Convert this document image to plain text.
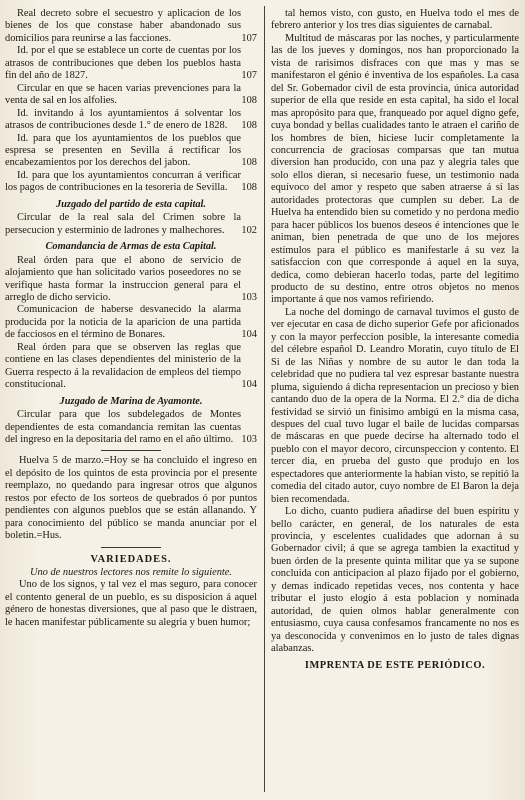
Real decreto sobre el secuestro y aplicacion de los bienes de los que constase haber abandonado sus domicilios para reunirse a las facciones.	107
Id. por el que se establece un corte de cuentas por los atrasos de contribuciones que deben los pueblos hasta fin del año de 1827.	107
Circular en que se hacen varias prevenciones para la venta de sal en los alfolies.	108
Id. invitando á los ayuntamientos á solventar los atrasos de contribuciones desde 1.° de enero de 1828. 108
Id. para que los ayuntamientos de los pueblos que espresa se presenten en Sevilla á rectificar los encabezamientos por los derechos del jabon.	108
Id. para que los ayuntamientos concurran á verificar los pagos de contribuciones en la tesoreria de Sevilla. 108
Juzgado del partido de esta capital.
Circular de la real sala del Crimen sobre la persecucion y esterminio de ladrones y malhechores. 102
Comandancia de Armas de esta Capital.
Real órden para que el abono de servicio de alojamiento que han solicitado varios poseedores no se verifique hasta formar la instruccion general para el arreglo de dicho servicio.	103
Comunicacion de haberse desvanecido la alarma producida por la noticia de la aparicion de una partida de facciosos en el término de Bonares.	104
Real órden para que se observen las reglas que contiene en las clases dependientes del ministerio de la Guerra respecto á la revalidacion de empleos del tiempo constitucional.	104
Juzgado de Marina de Ayamonte.
Circular para que los subdelegados de Montes dependientes de esta comandancia remitan las cuentas del ingreso en la depositaria del ramo en el año último. 103
Huelva 5 de marzo.=Hoy se ha concluido el ingreso en el depósito de los quintos de esta provincia por el presente reemplazo, no quedando para ingresar otros que algunos restos por efecto de los sorteos de quebrados ó por puntos pendientes con algunos pueblos que se están allanando. Y para conocimiento del público se manda anunciar por el boletin.=Hus.
VARIEDADES.
Uno de nuestros lectores nos remite lo siguiente.
Uno de los signos, y tal vez el mas seguro, para conocer el contento general de un pueblo, es su disposicion á aquel género de honestas diversiones, que al paso que le distraen, le hacen manifestar públicamente su alegria y buen humor;
tal hemos visto, con gusto, en Huelva todo el mes de febrero anterior y los tres dias siguientes de carnabal.
Multitud de máscaras por las noches, y particularmente las de los jueves y domingos, nos han proporcionado la vista de rarisimos disfraces con que mas y mas se manifestaron el génio é inventiva de los españoles. La casa del Sr. Gobernador civil de esta provincia, única autoridad superior de ella que reside en esta capital, ha sido el local mas apropósito para que, franqueado por aquel digno gefe, cuya bondad y bellas cualidades tanto le atraen el cariño de los hombres de bien, hiciese lucir completamente la concurrencia de graciosas comparsas que tan mutua diversion han producido, con una paz y alegria tales que solo ellos dieran, si necesario fuese, un testimonio nada equívoco del amor y respeto que saben atraerse á sí las autoridades protectoras que cumplen su deber. La de Huelva ha entendido bien su cometido y no perdona medio para hacer públicos los buenos deseos é intenciones que le animan, bien penetrada de que uno de los mejores estímulos para el público es manifestarle á su vez la satisfaccion con que corresponde á aquel en la suya, dedica, como debieran hacerlo todas, parte del legítimo producto de su destino, entre otros objetos no menos importante á que nos vamos refiriendo.
La noche del domingo de carnaval tuvimos el gusto de ver ejecutar en casa de dicho superior Gefe por aficionados y con la mayor perfeccion posible, la interesante comedia del célebre español D. Leandro Moratin, cuyo título de El Si de las Niñas y nombre de su autor le dan toda la celebridad que no pudiera tal vez espresar bastante nuestra pluma, siguiendo á dicha representacion un precioso y bien cantando duo de la opera de la Norma. El 2.° dia de dicha festividad se sirvió un finisimo ambigú en la misma casa, despues del cual tuvo lugar el baile de lucidas comparsas de máscaras en que puede decirse ha alternado todo el pueblo con el mayor decoro, circunspeccion y contento. El tercer dia, en prueba del gusto que produjo en los espectadores que anteriormente la habian visto, se repitió la comedia del citado autor, cuyo nombre de El Baron la deja bien recomendada.
Lo dicho, cuanto pudiera añadirse del buen espíritu y bello carácter, en general, de los naturales de esta provincia, y escelentes cualidades que adornan á su Gobernador civil; á que se agrega tambien la exactitud y buen órden de la presente quinta militar que ya se supone concluida con anticipacion al plazo fijado por el gobierno, y demas indicado repetidas veces, nos contenta y hace tributar el justo elogio á esta poblacion y nominada autoridad, de quien olmos hablar generalmente con entusiasmo, cuya causa confesamos francamente no nos es ya desconocida y convenimos en lo justo de tales dignas alabanzas.
IMPRENTA DE ESTE PERIÓDICO.
